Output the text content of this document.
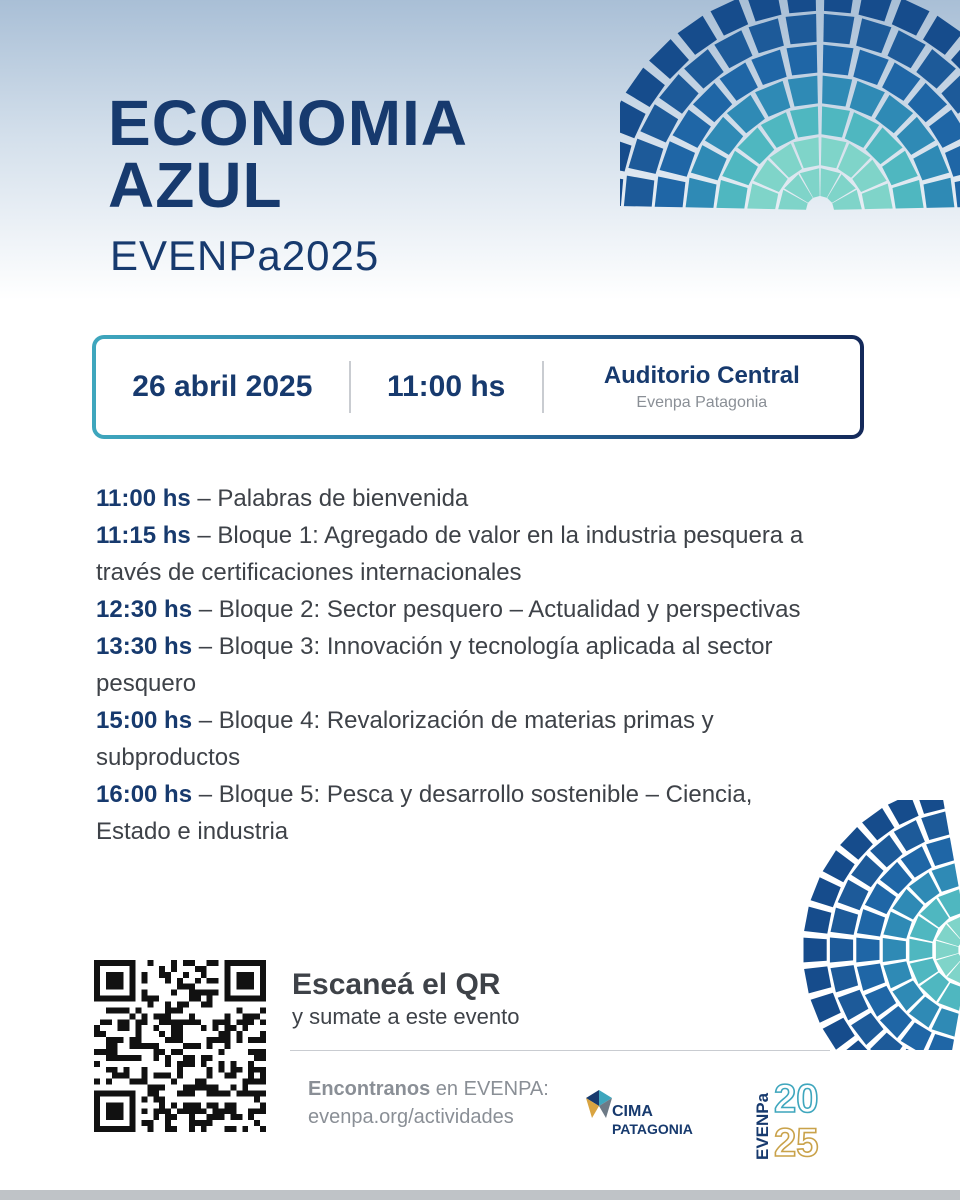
ECONOMIA
AZUL
EVENPa2025
26 abril 2025	11:00 hs	Auditorio Central
Evenpa Patagonia
11:00 hs – Palabras de bienvenida
11:15 hs – Bloque 1: Agregado de valor en la industria pesquera a través de certificaciones internacionales
12:30 hs – Bloque 2: Sector pesquero – Actualidad y perspectivas
13:30 hs – Bloque 3: Innovación y tecnología aplicada al sector pesquero
15:00 hs – Bloque 4: Revalorización de materias primas y subproductos
16:00 hs – Bloque 5: Pesca y desarrollo sostenible – Ciencia, Estado e industria
Escaneá el QR
y sumate a este evento
Encontranos en EVENPA:
evenpa.org/actividades	CIMA
PATAGONIA	EVENPa 20
25
